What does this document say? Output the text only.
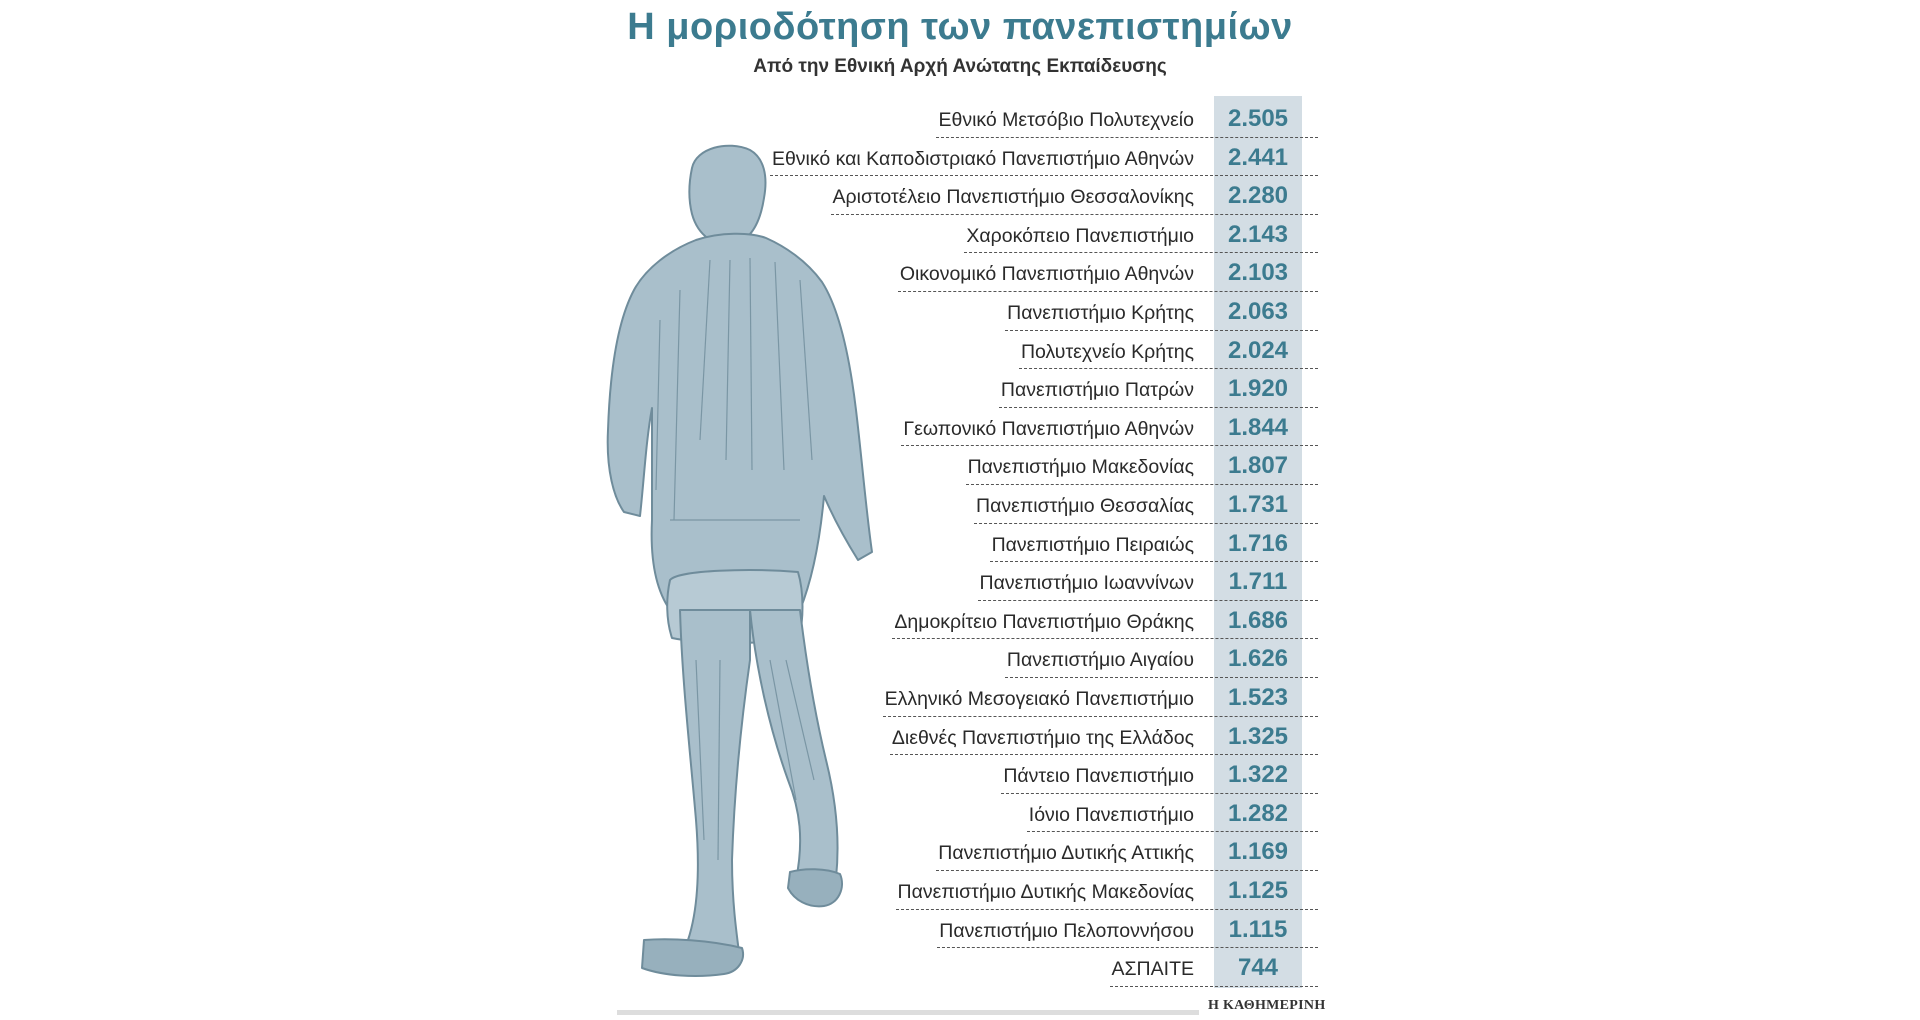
Η μοριοδότηση των πανεπιστημίων
Από την Εθνική Αρχή Ανώτατης Εκπαίδευσης
2.505
Εθνικό Μετσόβιο Πολυτεχνείο
2.441
Εθνικό και Καποδιστριακό Πανεπιστήμιο Αθηνών
2.280
Αριστοτέλειο Πανεπιστήμιο Θεσσαλονίκης
2.143
Χαροκόπειο Πανεπιστήμιο
2.103
Οικονομικό Πανεπιστήμιο Αθηνών
2.063
Πανεπιστήμιο Κρήτης
2.024
Πολυτεχνείο Κρήτης
1.920
Πανεπιστήμιο Πατρών
1.844
Γεωπονικό Πανεπιστήμιο Αθηνών
1.807
Πανεπιστήμιο Μακεδονίας
1.731
Πανεπιστήμιο Θεσσαλίας
1.716
Πανεπιστήμιο Πειραιώς
1.711
Πανεπιστήμιο Ιωαννίνων
1.686
Δημοκρίτειο Πανεπιστήμιο Θράκης
1.626
Πανεπιστήμιο Αιγαίου
1.523
Ελληνικό Μεσογειακό Πανεπιστήμιο
1.325
Διεθνές Πανεπιστήμιο της Ελλάδος
1.322
Πάντειο Πανεπιστήμιο
1.282
Ιόνιο Πανεπιστήμιο
1.169
Πανεπιστήμιο Δυτικής Αττικής
1.125
Πανεπιστήμιο Δυτικής Μακεδονίας
1.115
Πανεπιστήμιο Πελοποννήσου
744
ΑΣΠΑΙΤΕ
Η ΚΑΘΗΜΕΡΙΝΗ
